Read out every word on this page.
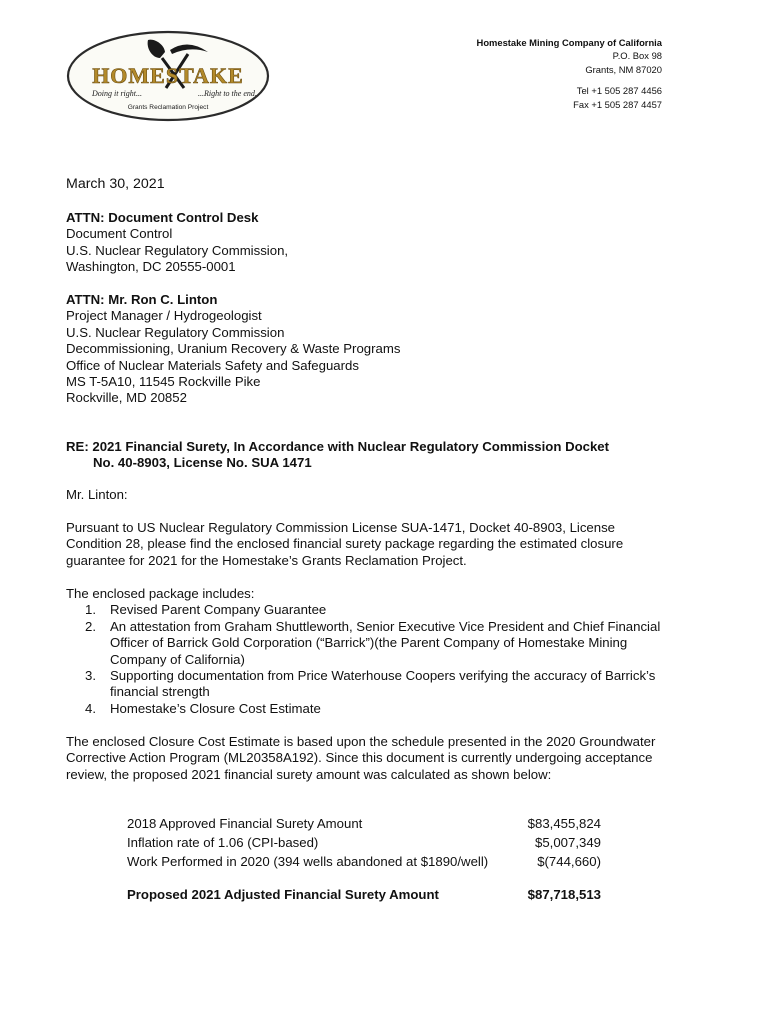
HOMESTAKE
Doing it right...	...Right to the end.
Grants Reclamation Project
Homestake Mining Company of California
P.O. Box 98
Grants, NM 87020
Tel +1 505 287 4456
Fax +1 505 287 4457
March 30, 2021
ATTN: Document Control Desk
Document Control
U.S. Nuclear Regulatory Commission,
Washington, DC 20555-0001
ATTN: Mr. Ron C. Linton
Project Manager / Hydrogeologist
U.S. Nuclear Regulatory Commission
Decommissioning, Uranium Recovery & Waste Programs
Office of Nuclear Materials Safety and Safeguards
MS T-5A10, 11545 Rockville Pike
Rockville, MD 20852
RE: 2021 Financial Surety, In Accordance with Nuclear Regulatory Commission Docket
No. 40-8903, License No. SUA 1471
Mr. Linton:
Pursuant to US Nuclear Regulatory Commission License SUA-1471, Docket 40-8903, License Condition 28, please find the enclosed financial surety package regarding the estimated closure guarantee for 2021 for the Homestake’s Grants Reclamation Project.
The enclosed package includes:
1. Revised Parent Company Guarantee
2. An attestation from Graham Shuttleworth, Senior Executive Vice President and Chief Financial Officer of Barrick Gold Corporation (“Barrick”)(the Parent Company of Homestake Mining Company of California)
3. Supporting documentation from Price Waterhouse Coopers verifying the accuracy of Barrick’s financial strength
4. Homestake’s Closure Cost Estimate
The enclosed Closure Cost Estimate is based upon the schedule presented in the 2020 Groundwater Corrective Action Program (ML20358A192). Since this document is currently undergoing acceptance review, the proposed 2021 financial surety amount was calculated as shown below:
2018 Approved Financial Surety Amount	$83,455,824
Inflation rate of 1.06 (CPI-based)	$5,007,349
Work Performed in 2020 (394 wells abandoned at $1890/well)	$(744,660)
Proposed 2021 Adjusted Financial Surety Amount	$87,718,513
